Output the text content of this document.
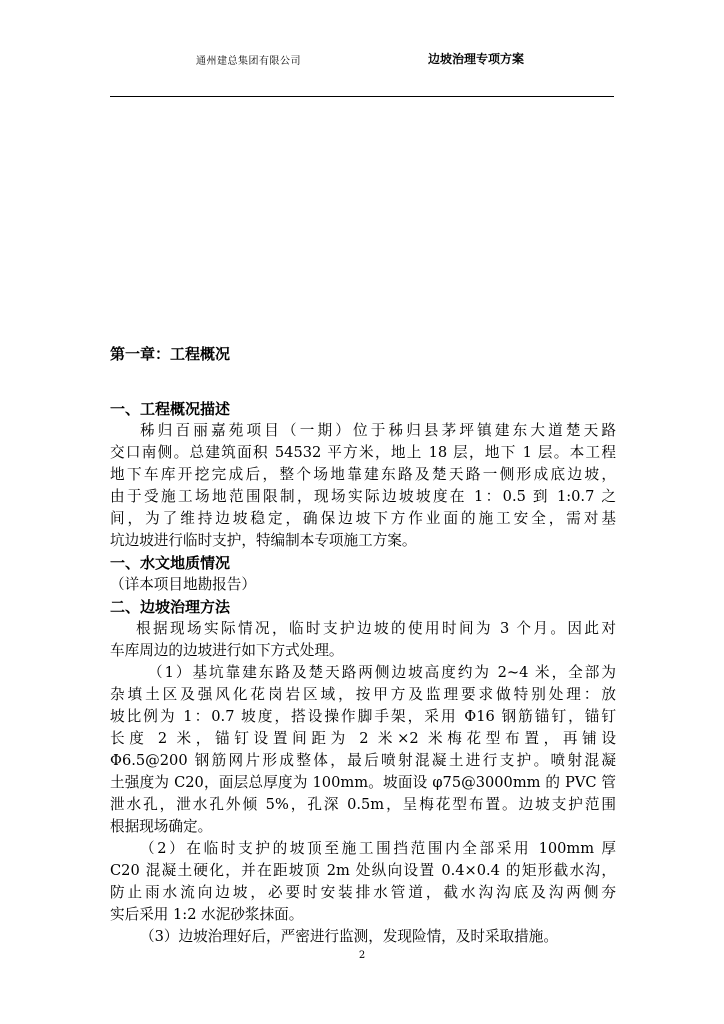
通州建总集团有限公司	边坡治理专项方案
第一章：工程概况
一、工程概况描述
秭归百丽嘉苑项目（一期）位于秭归县茅坪镇建东大道楚天路
交口南侧。总建筑面积 54532 平方米，地上 18 层，地下 1 层。本工程
地下车库开挖完成后，整个场地靠建东路及楚天路一侧形成底边坡，
由于受施工场地范围限制，现场实际边坡坡度在 1：0.5 到 1:0.7 之
间，为了维持边坡稳定，确保边坡下方作业面的施工安全，需对基
坑边坡进行临时支护，特编制本专项施工方案。
一、水文地质情况
（详本项目地勘报告）
二、边坡治理方法
根据现场实际情况，临时支护边坡的使用时间为 3 个月。因此对
车库周边的边坡进行如下方式处理。
（1）基坑靠建东路及楚天路两侧边坡高度约为 2~4 米，全部为
杂填土区及强风化花岗岩区域，按甲方及监理要求做特别处理：放
坡比例为 1：0.7 坡度，搭设操作脚手架，采用 Φ16 钢筋锚钉，锚钉
长度 2 米，锚钉设置间距为 2 米×2 米梅花型布置，再铺设
Φ6.5@200 钢筋网片形成整体，最后喷射混凝土进行支护。喷射混凝
土强度为 C20，面层总厚度为 100mm。坡面设 φ75@3000mm 的 PVC 管
泄水孔，泄水孔外倾 5%，孔深 0.5m，呈梅花型布置。边坡支护范围
根据现场确定。
（2）在临时支护的坡顶至施工围挡范围内全部采用 100mm 厚
C20 混凝土硬化，并在距坡顶 2m 处纵向设置 0.4×0.4 的矩形截水沟，
防止雨水流向边坡，必要时安装排水管道，截水沟沟底及沟两侧夯
实后采用 1:2 水泥砂浆抹面。
（3）边坡治理好后，严密进行监测，发现险情，及时采取措施。
2
